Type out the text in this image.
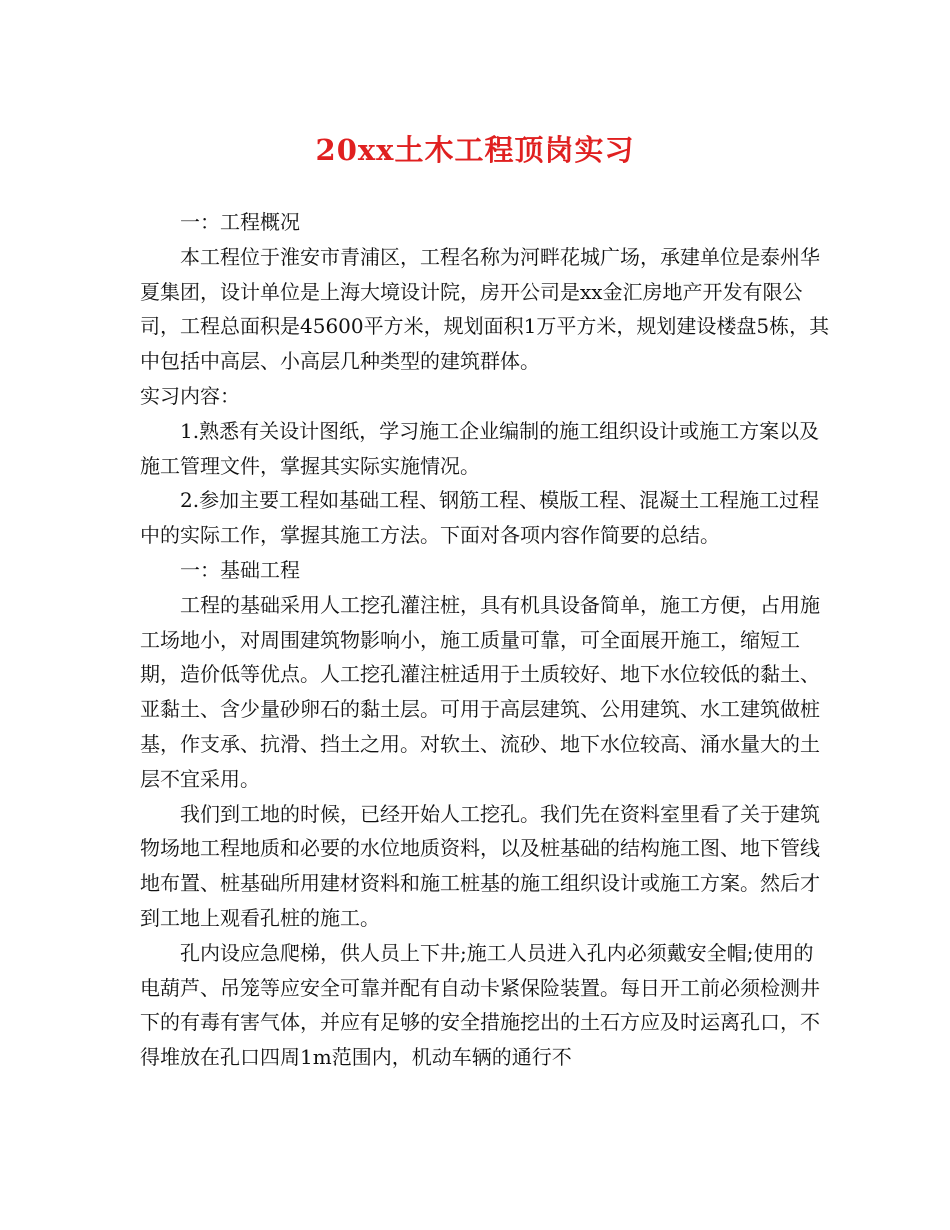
20xx土木工程顶岗实习

一：工程概况

本工程位于淮安市青浦区，工程名称为河畔花城广场，承建单位是泰州华夏集团，设计单位是上海大境设计院，房开公司是xx金汇房地产开发有限公司，工程总面积是45600平方米，规划面积1万平方米，规划建设楼盘5栋，其中包括中高层、小高层几种类型的建筑群体。

实习内容：

1.熟悉有关设计图纸，学习施工企业编制的施工组织设计或施工方案以及施工管理文件，掌握其实际实施情况。

2.参加主要工程如基础工程、钢筋工程、模版工程、混凝土工程施工过程中的实际工作，掌握其施工方法。下面对各项内容作简要的总结。

一：基础工程

工程的基础采用人工挖孔灌注桩，具有机具设备简单，施工方便，占用施工场地小，对周围建筑物影响小，施工质量可靠，可全面展开施工，缩短工期，造价低等优点。人工挖孔灌注桩适用于土质较好、地下水位较低的黏土、亚黏土、含少量砂卵石的黏土层。可用于高层建筑、公用建筑、水工建筑做桩基，作支承、抗滑、挡土之用。对软土、流砂、地下水位较高、涌水量大的土层不宜采用。

我们到工地的时候，已经开始人工挖孔。我们先在资料室里看了关于建筑物场地工程地质和必要的水位地质资料，以及桩基础的结构施工图、地下管线地布置、桩基础所用建材资料和施工桩基的施工组织设计或施工方案。然后才到工地上观看孔桩的施工。

孔内设应急爬梯，供人员上下井;施工人员进入孔内必须戴安全帽;使用的电葫芦、吊笼等应安全可靠并配有自动卡紧保险装置。每日开工前必须检测井下的有毒有害气体，并应有足够的安全措施挖出的土石方应及时运离孔口，不得堆放在孔口四周1m范围内，机动车辆的通行不
